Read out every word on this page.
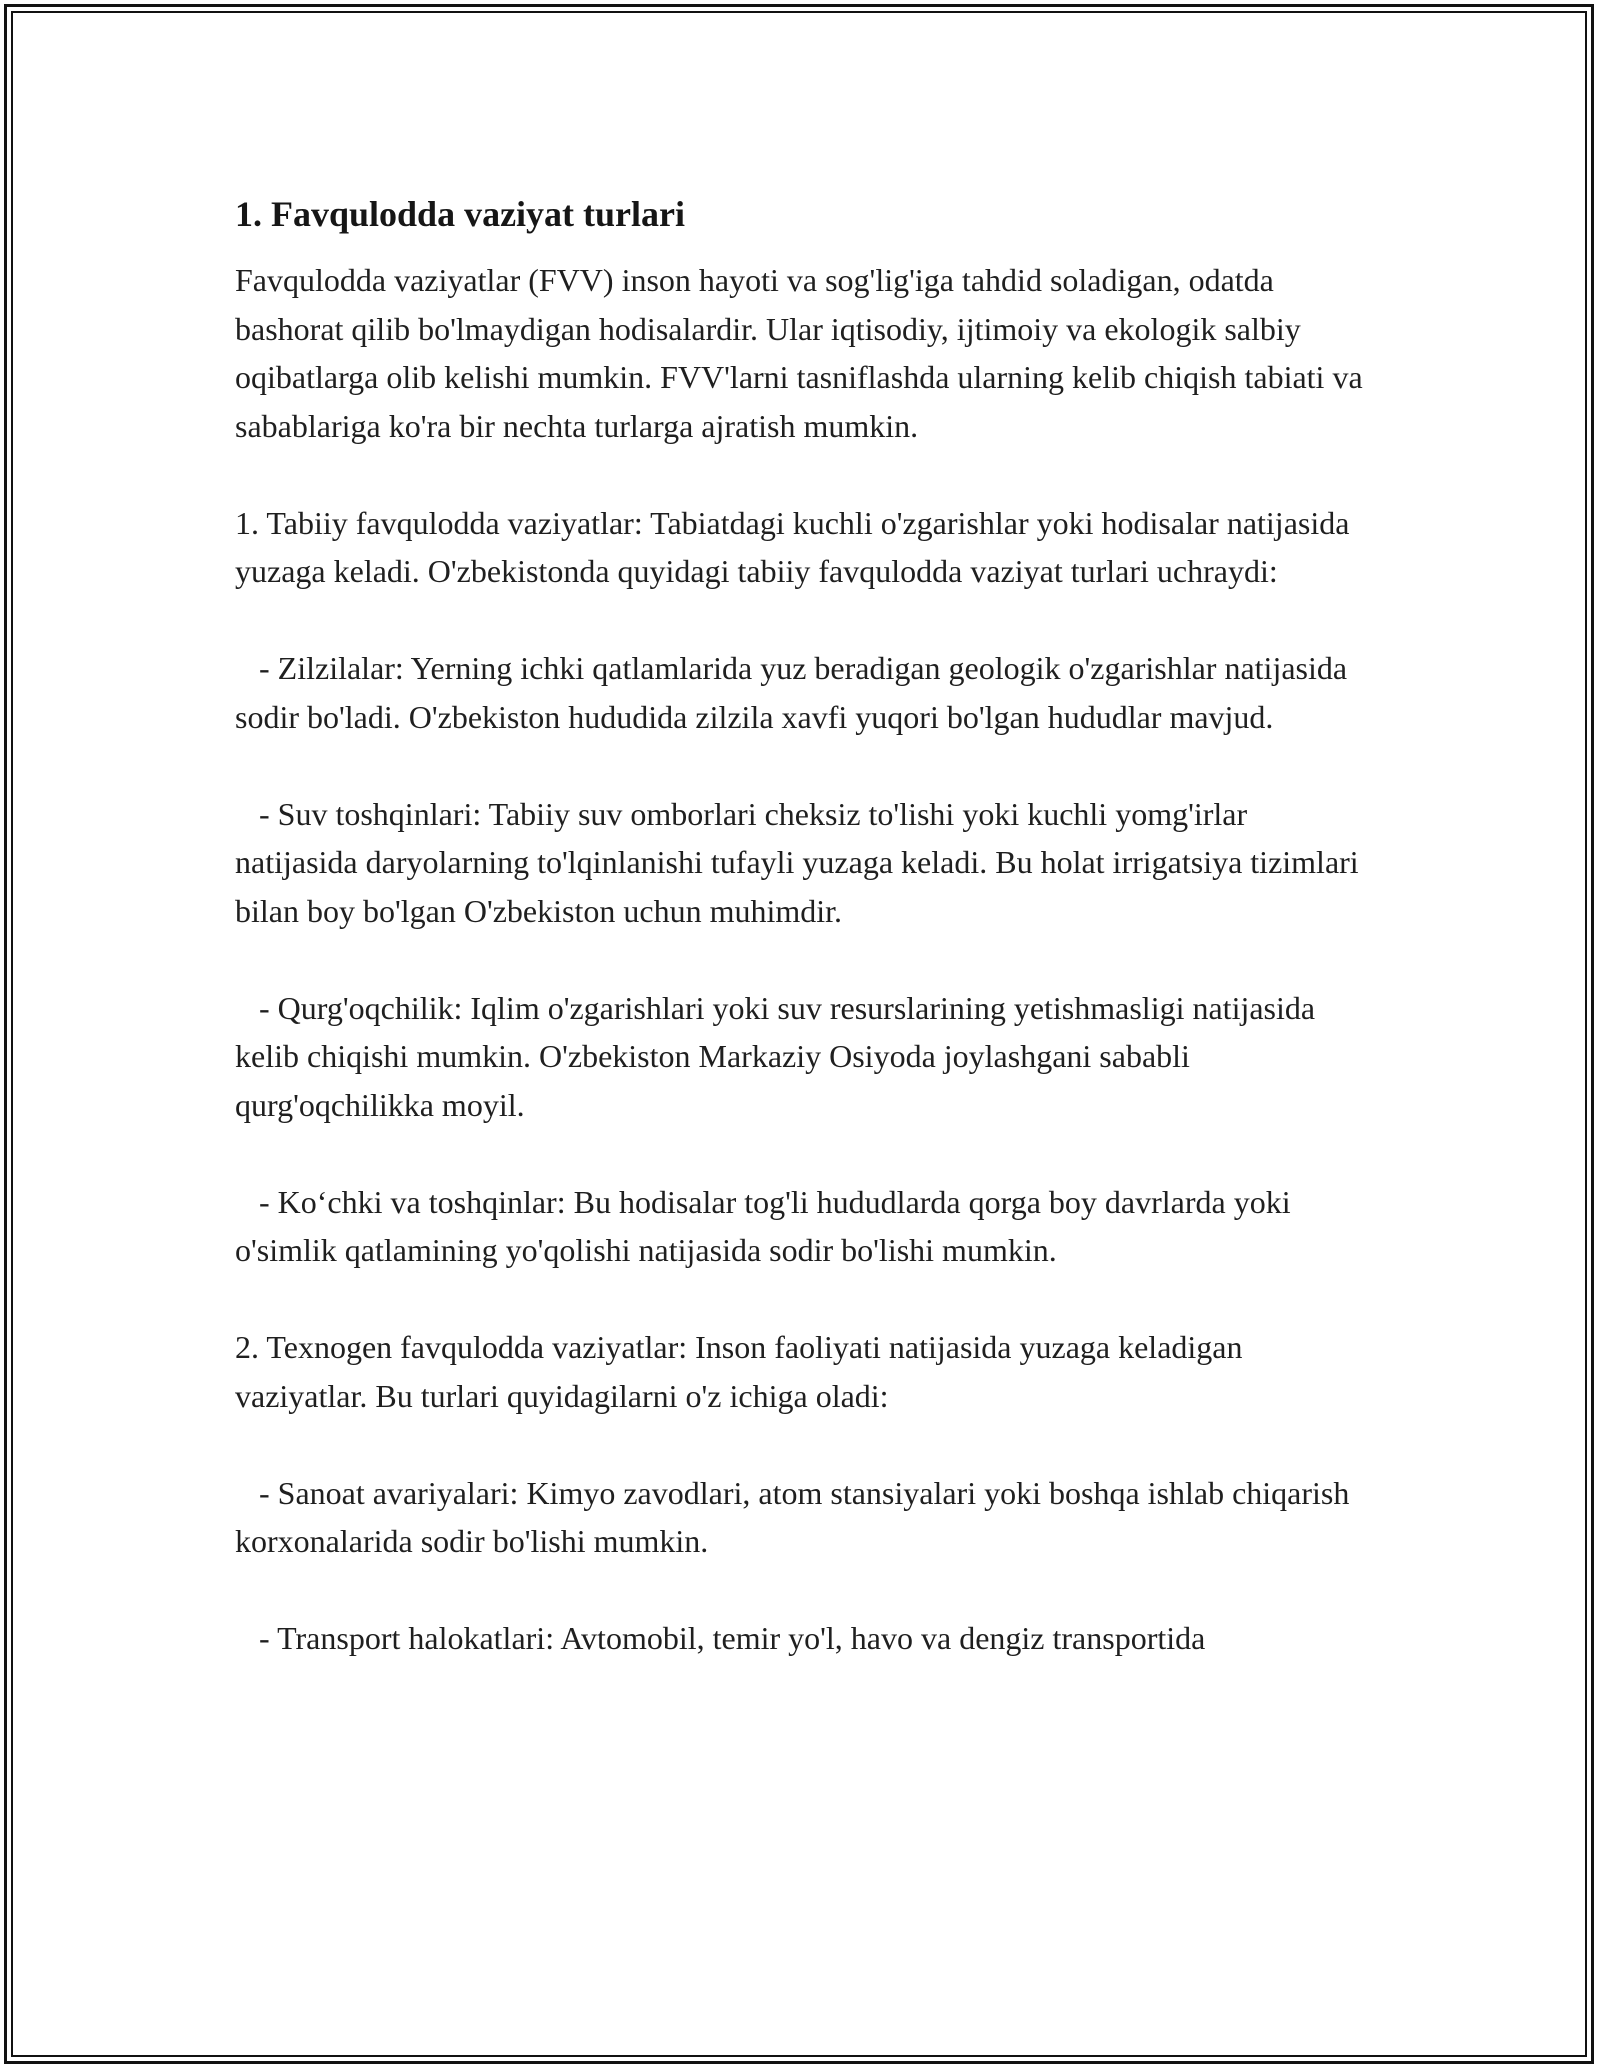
1. Favqulodda vaziyat turlari

Favqulodda vaziyatlar (FVV) inson hayoti va sog'lig'iga tahdid soladigan, odatda bashorat qilib bo'lmaydigan hodisalardir. Ular iqtisodiy, ijtimoiy va ekologik salbiy oqibatlarga olib kelishi mumkin. FVV'larni tasniflashda ularning kelib chiqish tabiati va sabablariga ko'ra bir nechta turlarga ajratish mumkin.

1. Tabiiy favqulodda vaziyatlar: Tabiatdagi kuchli o'zgarishlar yoki hodisalar natijasida yuzaga keladi. O'zbekistonda quyidagi tabiiy favqulodda vaziyat turlari uchraydi:

- Zilzilalar: Yerning ichki qatlamlarida yuz beradigan geologik o'zgarishlar natijasida sodir bo'ladi. O'zbekiston hududida zilzila xavfi yuqori bo'lgan hududlar mavjud.

- Suv toshqinlari: Tabiiy suv omborlari cheksiz to'lishi yoki kuchli yomg'irlar natijasida daryolarning to'lqinlanishi tufayli yuzaga keladi. Bu holat irrigatsiya tizimlari bilan boy bo'lgan O'zbekiston uchun muhimdir.

- Qurg'oqchilik: Iqlim o'zgarishlari yoki suv resurslarining yetishmasligi natijasida kelib chiqishi mumkin. O'zbekiston Markaziy Osiyoda joylashgani sababli qurg'oqchilikka moyil.

- Ko‘chki va toshqinlar: Bu hodisalar tog'li hududlarda qorga boy davrlarda yoki o'simlik qatlamining yo'qolishi natijasida sodir bo'lishi mumkin.

2. Texnogen favqulodda vaziyatlar: Inson faoliyati natijasida yuzaga keladigan vaziyatlar. Bu turlari quyidagilarni o'z ichiga oladi:

- Sanoat avariyalari: Kimyo zavodlari, atom stansiyalari yoki boshqa ishlab chiqarish korxonalarida sodir bo'lishi mumkin.

- Transport halokatlari: Avtomobil, temir yo'l, havo va dengiz transportida
